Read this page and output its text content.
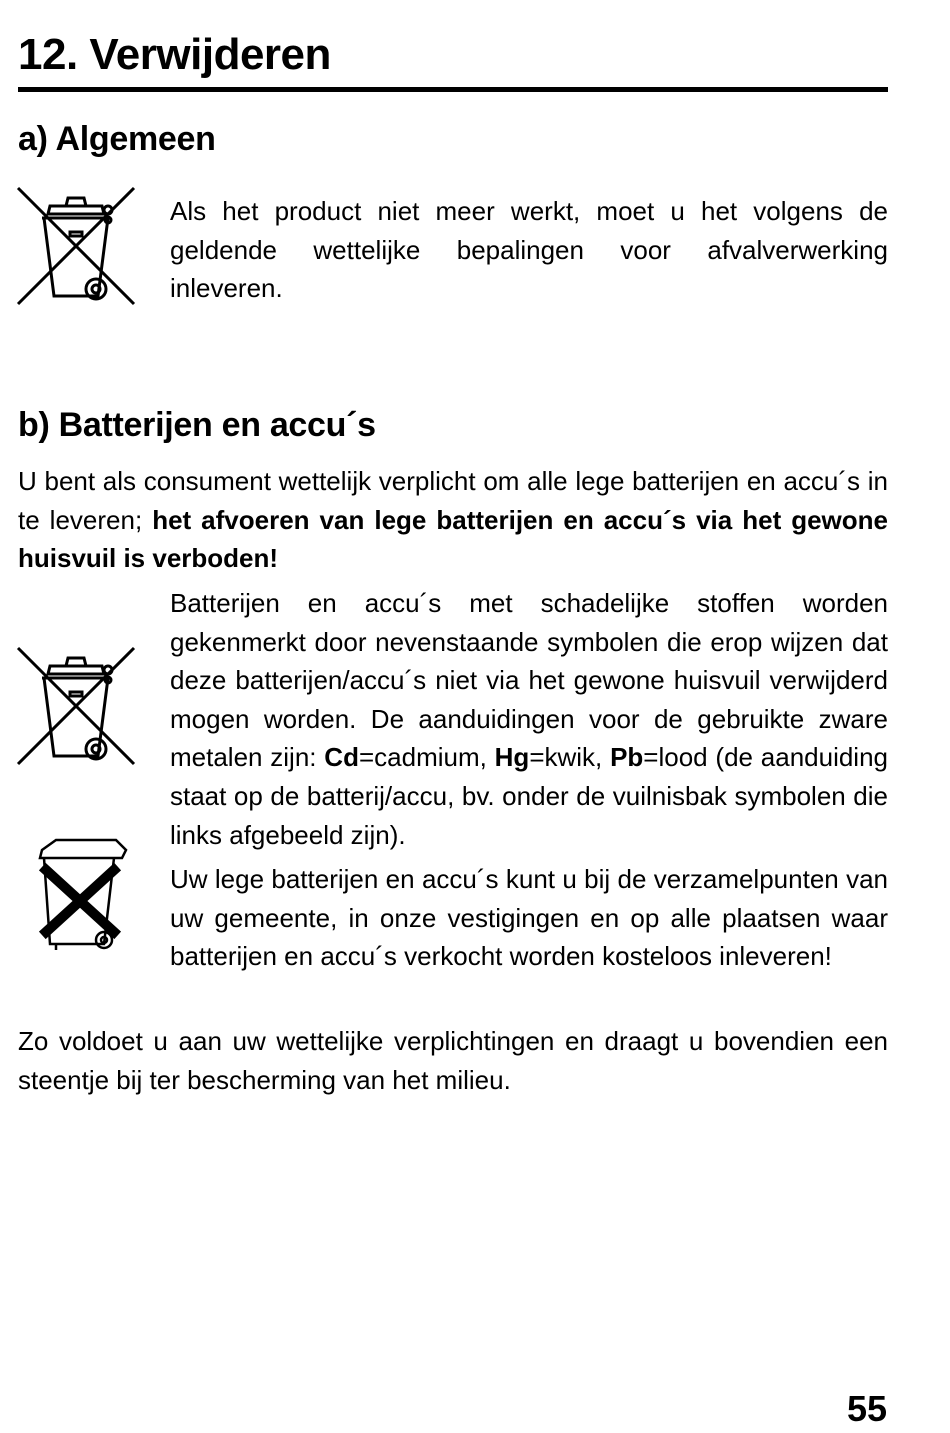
12. Verwijderen
a) Algemeen

Als het product niet meer werkt, moet u het volgens de geldende wettelijke bepalingen voor afvalverwerking inleveren.

b) Batterijen en accu´s

U bent als consument wettelijk verplicht om alle lege batterijen en accu´s in te leveren; het afvoeren van lege batterijen en accu´s via het gewone huisvuil is verboden!

Batterijen en accu´s met schadelijke stoffen worden gekenmerkt door nevenstaande symbolen die erop wijzen dat deze batterijen/accu´s niet via het gewone huisvuil verwijderd mogen worden. De aanduidingen voor de gebruikte zware metalen zijn: Cd=cadmium, Hg=kwik, Pb=lood (de aanduiding staat op de batterij/accu, bv. onder de vuilnisbak symbolen die links afgebeeld zijn).

Uw lege batterijen en accu´s kunt u bij de verzamelpunten van uw gemeente, in onze vestigingen en op alle plaatsen waar batterijen en accu´s verkocht worden kosteloos inleveren!

Zo voldoet u aan uw wettelijke verplichtingen en draagt u bovendien een steentje bij ter bescherming van het milieu.

55
